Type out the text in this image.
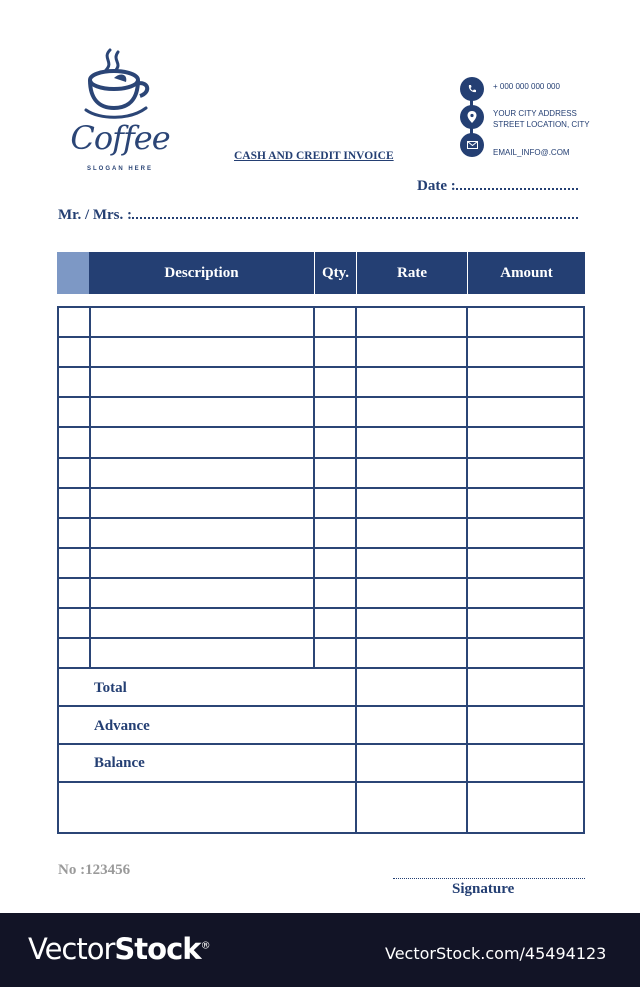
Coffee
SLOGAN HERE
+ 000 000 000 000
YOUR CITY ADDRESS
STREET LOCATION, CITY
EMAIL_INFO@.COM
CASH AND CREDIT INVOICE
Date :
Mr. / Mrs. :
Description	Qty.	Rate	Amount
Total
Advance
Balance
No :123456
Signature
VectorStock®	VectorStock.com/45494123
